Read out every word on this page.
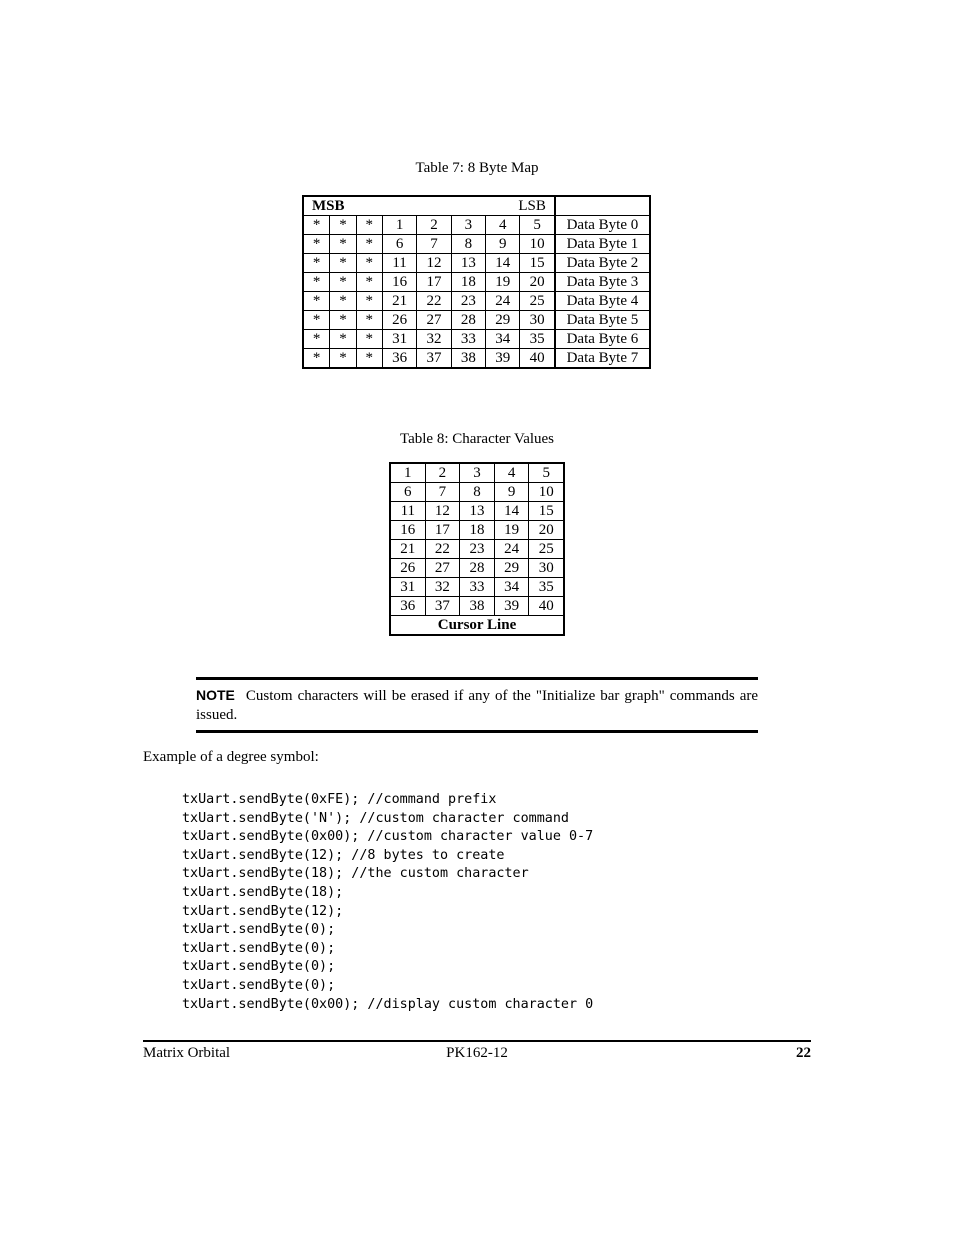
Table 7: 8 Byte Map
MSB				LSB				
*	*	*	1	2	3	4	5	Data Byte 0
*	*	*	6	7	8	9	10	Data Byte 1
*	*	*	11	12	13	14	15	Data Byte 2
*	*	*	16	17	18	19	20	Data Byte 3
*	*	*	21	22	23	24	25	Data Byte 4
*	*	*	26	27	28	29	30	Data Byte 5
*	*	*	31	32	33	34	35	Data Byte 6
*	*	*	36	37	38	39	40	Data Byte 7
Table 8: Character Values
1	2	3	4	5
6	7	8	9	10
11	12	13	14	15
16	17	18	19	20
21	22	23	24	25
26	27	28	29	30
31	32	33	34	35
36	37	38	39	40
Cursor Line				
NOTE Custom characters will be erased if any of the "Initialize bar graph" commands are issued.
Example of a degree symbol:
txUart.sendByte(0xFE); //command prefix
txUart.sendByte('N'); //custom character command
txUart.sendByte(0x00); //custom character value 0-7
txUart.sendByte(12); //8 bytes to create
txUart.sendByte(18); //the custom character
txUart.sendByte(18);
txUart.sendByte(12);
txUart.sendByte(0);
txUart.sendByte(0);
txUart.sendByte(0);
txUart.sendByte(0);
txUart.sendByte(0x00); //display custom character 0
Matrix Orbital	PK162-12	22
